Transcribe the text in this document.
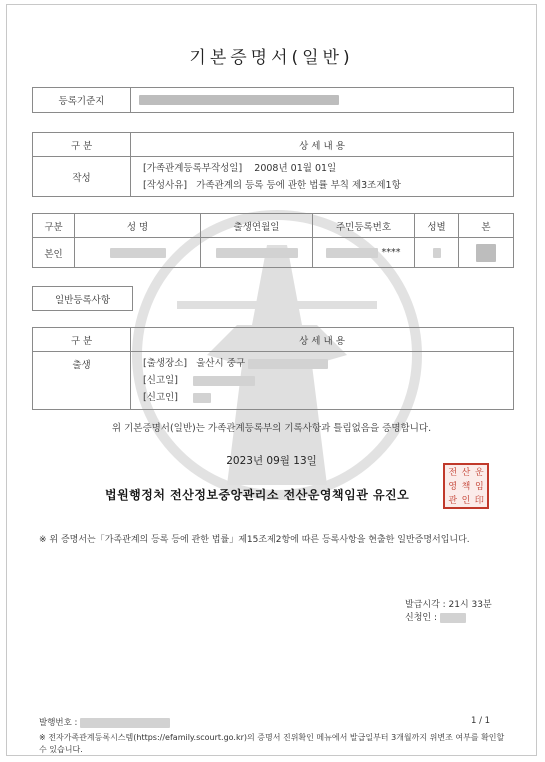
기본증명서(일반)
등록기준지	
구 분	상 세 내 용
작성	[가족관계등록부작성일] 2008년 01월 01일
[작성사유] 가족관계의 등록 등에 관한 법률 부칙 제3조제1항
구분	성 명	출생연월일	주민등록번호	성별	본
본인			****		
일반등록사항
구 분	상 세 내 용
출생	[출생장소] 울산시 중구
[신고일]
[신고인]
위 기본증명서(일반)는 가족관계등록부의 기록사항과 틀림없음을 증명합니다.
2023년 09월 13일
법원행정처 전산정보중앙관리소 전산운영책임관 유진오
전 산 운
영 책 임
관 인 印
※ 위 증명서는「가족관계의 등록 등에 관한 법률」제15조제2항에 따른 등록사항을 현출한 일반증명서입니다.
발급시각 : 21시 33분
신청인 :
발행번호 :	1 / 1
※ 전자가족관계등록시스템(https://efamily.scourt.go.kr)의 증명서 진위확인 메뉴에서 발급일부터 3개월까지 위변조 여부를 확인할 수 있습니다.
